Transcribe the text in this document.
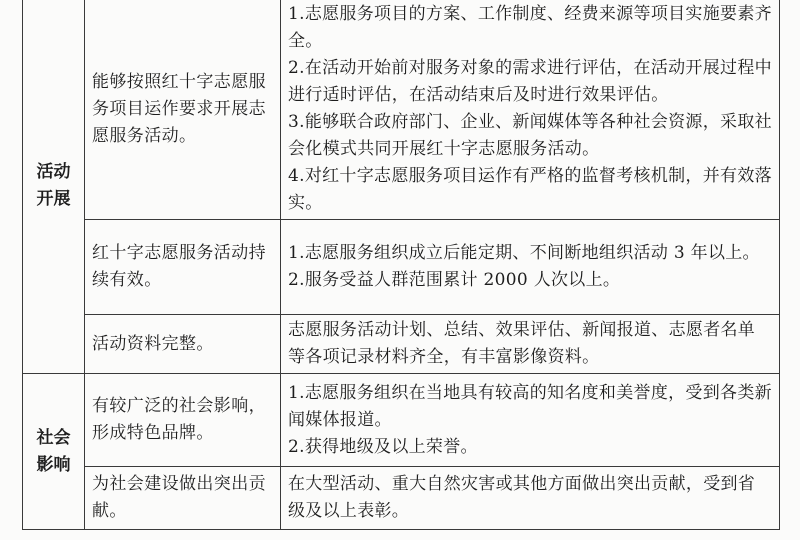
活动
开展	能够按照红十字志愿服务项目运作要求开展志愿服务活动。	1.志愿服务项目的方案、工作制度、经费来源等项目实施要素齐全。
2.在活动开始前对服务对象的需求进行评估，在活动开展过程中进行适时评估，在活动结束后及时进行效果评估。
3.能够联合政府部门、企业、新闻媒体等各种社会资源，采取社会化模式共同开展红十字志愿服务活动。
4.对红十字志愿服务项目运作有严格的监督考核机制，并有效落实。

	红十字志愿服务活动持续有效。	1.志愿服务组织成立后能定期、不间断地组织活动 3 年以上。
2.服务受益人群范围累计 2000 人次以上。

	活动资料完整。	志愿服务活动计划、总结、效果评估、新闻报道、志愿者名单等各项记录材料齐全，有丰富影像资料。

社会
影响	有较广泛的社会影响，形成特色品牌。	1.志愿服务组织在当地具有较高的知名度和美誉度，受到各类新闻媒体报道。
2.获得地级及以上荣誉。

	为社会建设做出突出贡献。	在大型活动、重大自然灾害或其他方面做出突出贡献，受到省级及以上表彰。
